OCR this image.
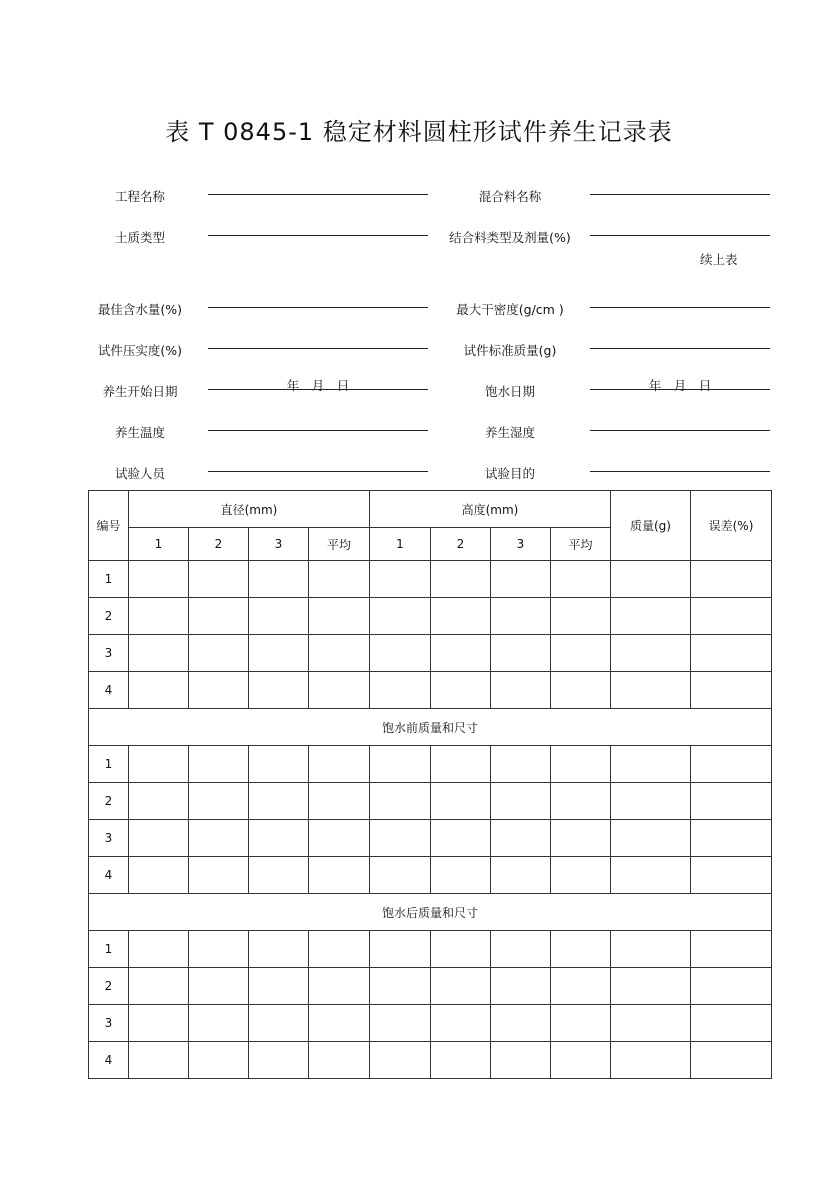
表 T 0845-1 稳定材料圆柱形试件养生记录表
工程名称	混合料名称
土质类型	结合料类型及剂量(%)
最佳含水量(%)	最大干密度(g/cm )
试件压实度(%)	试件标准质量(g)
养生开始日期	年　月　日	饱水日期	年　月　日
养生温度	养生湿度
试验人员	试验目的
续上表
编号	直径(mm)				高度(mm)				质量(g)	误差(%)
	1	2	3	平均	1	2	3	平均		
1										
2										
3										
4										
饱水前质量和尺寸										
1										
2										
3										
4										
饱水后质量和尺寸										
1										
2										
3										
4										
